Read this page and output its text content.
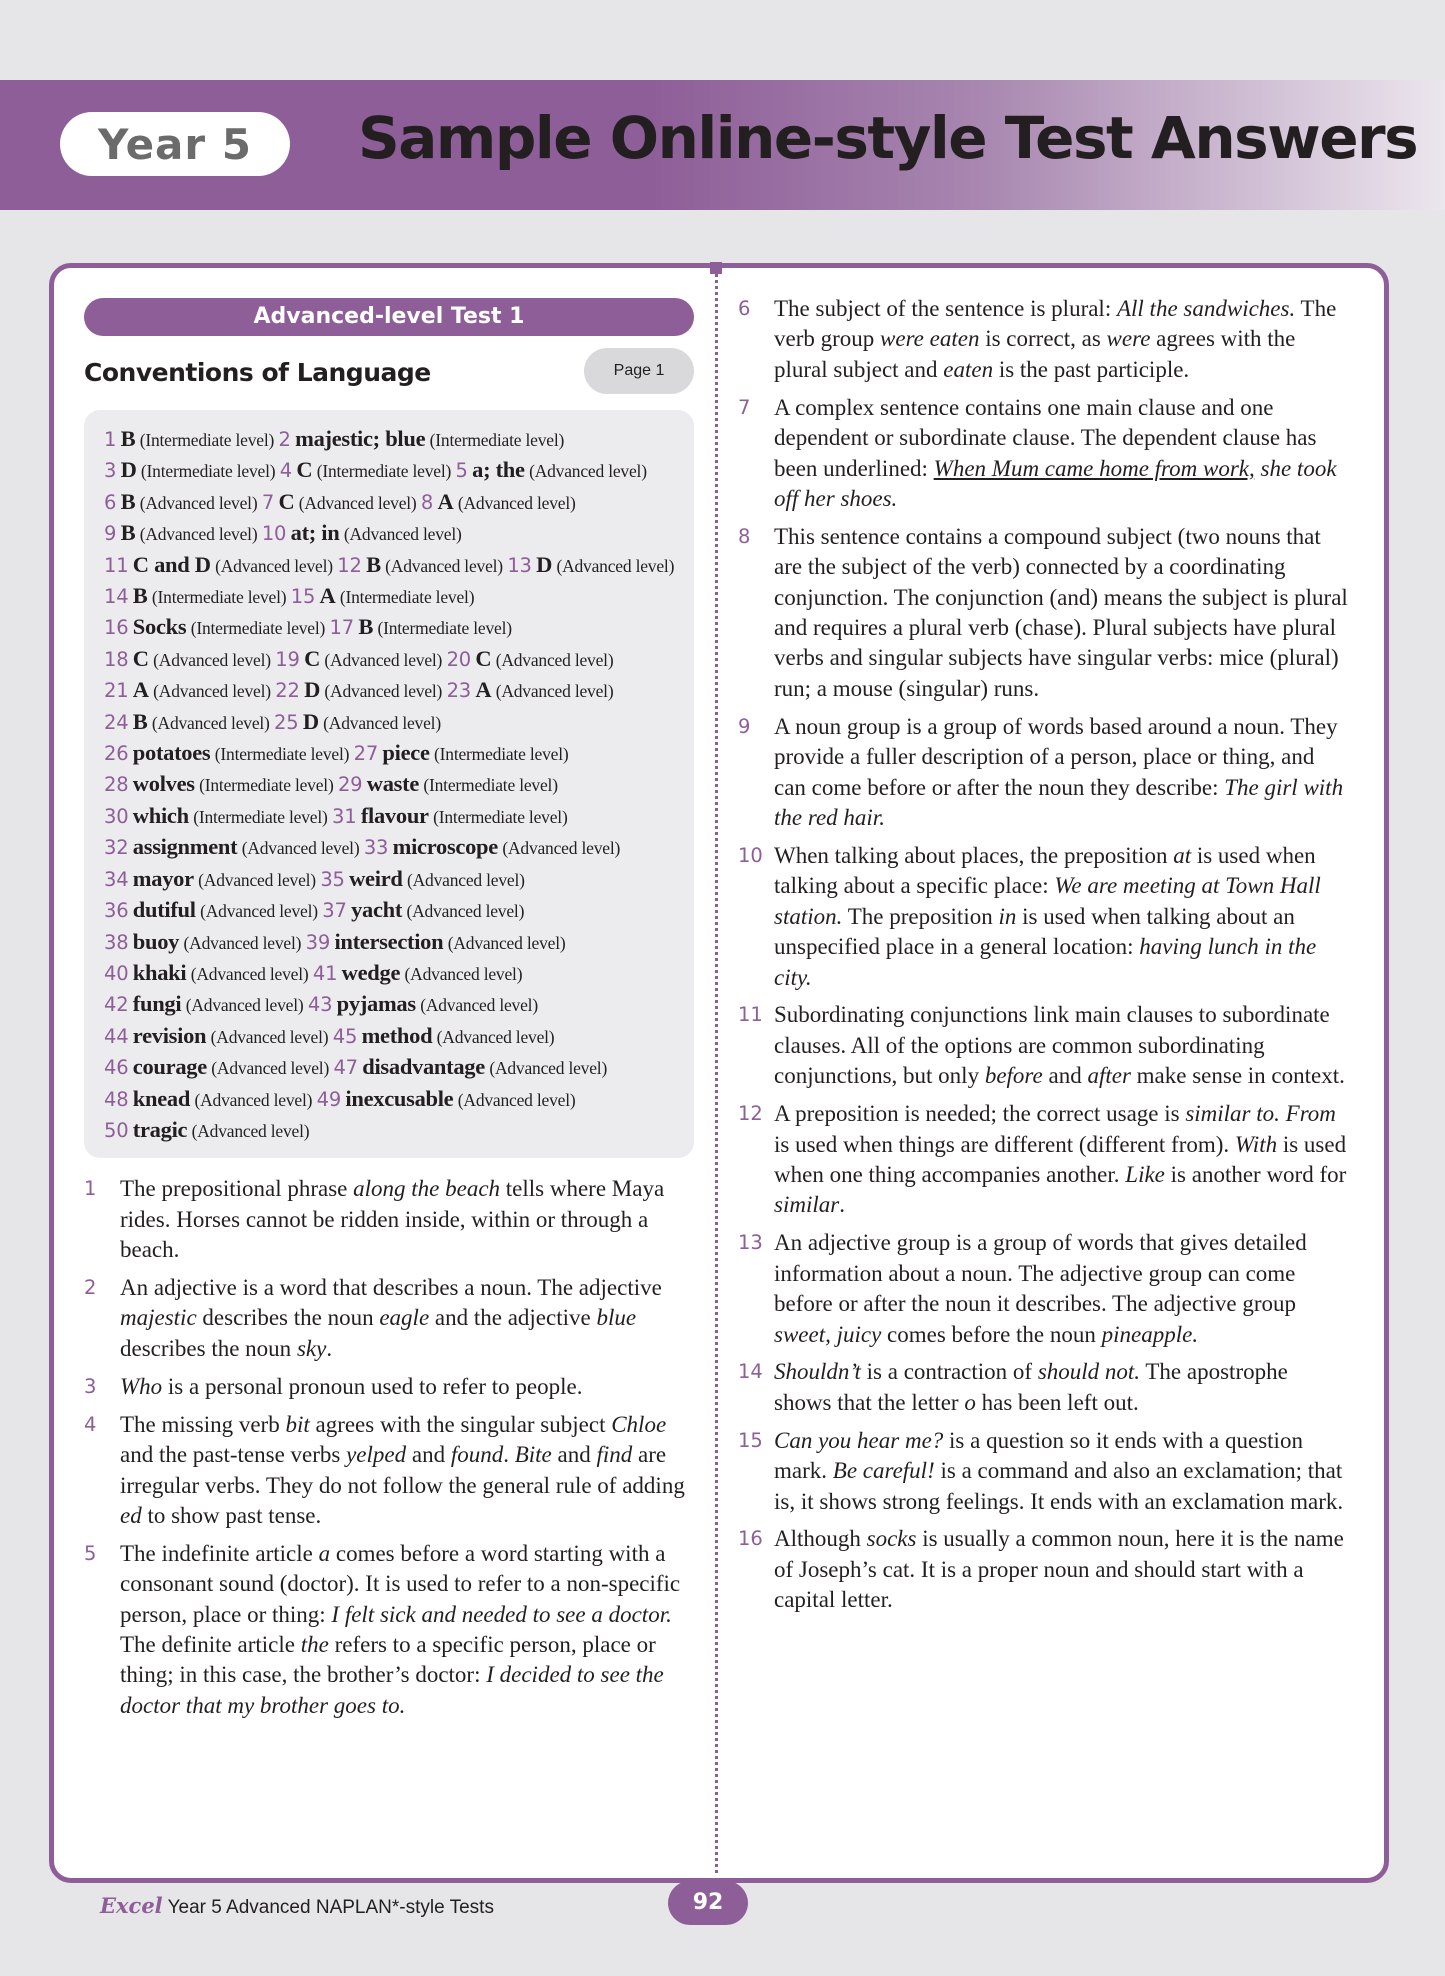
Year 5	Sample Online-style Test Answers
Advanced-level Test 1
Conventions of Language	Page 1
1 B (Intermediate level) 2 majestic; blue (Intermediate level) 3 D (Intermediate level) 4 C (Intermediate level) 5 a; the (Advanced level) 6 B (Advanced level) 7 C (Advanced level) 8 A (Advanced level) 9 B (Advanced level) 10 at; in (Advanced level) 11 C and D (Advanced level) 12 B (Advanced level) 13 D (Advanced level) 14 B (Intermediate level) 15 A (Intermediate level) 16 Socks (Intermediate level) 17 B (Intermediate level) 18 C (Advanced level) 19 C (Advanced level) 20 C (Advanced level) 21 A (Advanced level) 22 D (Advanced level) 23 A (Advanced level) 24 B (Advanced level) 25 D (Advanced level) 26 potatoes (Intermediate level) 27 piece (Intermediate level) 28 wolves (Intermediate level) 29 waste (Intermediate level) 30 which (Intermediate level) 31 flavour (Intermediate level) 32 assignment (Advanced level) 33 microscope (Advanced level) 34 mayor (Advanced level) 35 weird (Advanced level) 36 dutiful (Advanced level) 37 yacht (Advanced level) 38 buoy (Advanced level) 39 intersection (Advanced level) 40 khaki (Advanced level) 41 wedge (Advanced level) 42 fungi (Advanced level) 43 pyjamas (Advanced level) 44 revision (Advanced level) 45 method (Advanced level) 46 courage (Advanced level) 47 disadvantage (Advanced level) 48 knead (Advanced level) 49 inexcusable (Advanced level) 50 tragic (Advanced level)
1 The prepositional phrase along the beach tells where Maya rides. Horses cannot be ridden inside, within or through a beach.
2 An adjective is a word that describes a noun. The adjective majestic describes the noun eagle and the adjective blue describes the noun sky.
3 Who is a personal pronoun used to refer to people.
4 The missing verb bit agrees with the singular subject Chloe and the past-tense verbs yelped and found. Bite and find are irregular verbs. They do not follow the general rule of adding ed to show past tense.
5 The indefinite article a comes before a word starting with a consonant sound (doctor). It is used to refer to a non-specific person, place or thing: I felt sick and needed to see a doctor. The definite article the refers to a specific person, place or thing; in this case, the brother’s doctor: I decided to see the doctor that my brother goes to.
6 The subject of the sentence is plural: All the sandwiches. The verb group were eaten is correct, as were agrees with the plural subject and eaten is the past participle.
7 A complex sentence contains one main clause and one dependent or subordinate clause. The dependent clause has been underlined: When Mum came home from work, she took off her shoes.
8 This sentence contains a compound subject (two nouns that are the subject of the verb) connected by a coordinating conjunction. The conjunction (and) means the subject is plural and requires a plural verb (chase). Plural subjects have plural verbs and singular subjects have singular verbs: mice (plural) run; a mouse (singular) runs.
9 A noun group is a group of words based around a noun. They provide a fuller description of a person, place or thing, and can come before or after the noun they describe: The girl with the red hair.
10 When talking about places, the preposition at is used when talking about a specific place: We are meeting at Town Hall station. The preposition in is used when talking about an unspecified place in a general location: having lunch in the city.
11 Subordinating conjunctions link main clauses to subordinate clauses. All of the options are common subordinating conjunctions, but only before and after make sense in context.
12 A preposition is needed; the correct usage is similar to. From is used when things are different (different from). With is used when one thing accompanies another. Like is another word for similar.
13 An adjective group is a group of words that gives detailed information about a noun. The adjective group can come before or after the noun it describes. The adjective group sweet, juicy comes before the noun pineapple.
14 Shouldn’t is a contraction of should not. The apostrophe shows that the letter o has been left out.
15 Can you hear me? is a question so it ends with a question mark. Be careful! is a command and also an exclamation; that is, it shows strong feelings. It ends with an exclamation mark.
16 Although socks is usually a common noun, here it is the name of Joseph’s cat. It is a proper noun and should start with a capital letter.
Excel Year 5 Advanced NAPLAN*-style Tests	92
